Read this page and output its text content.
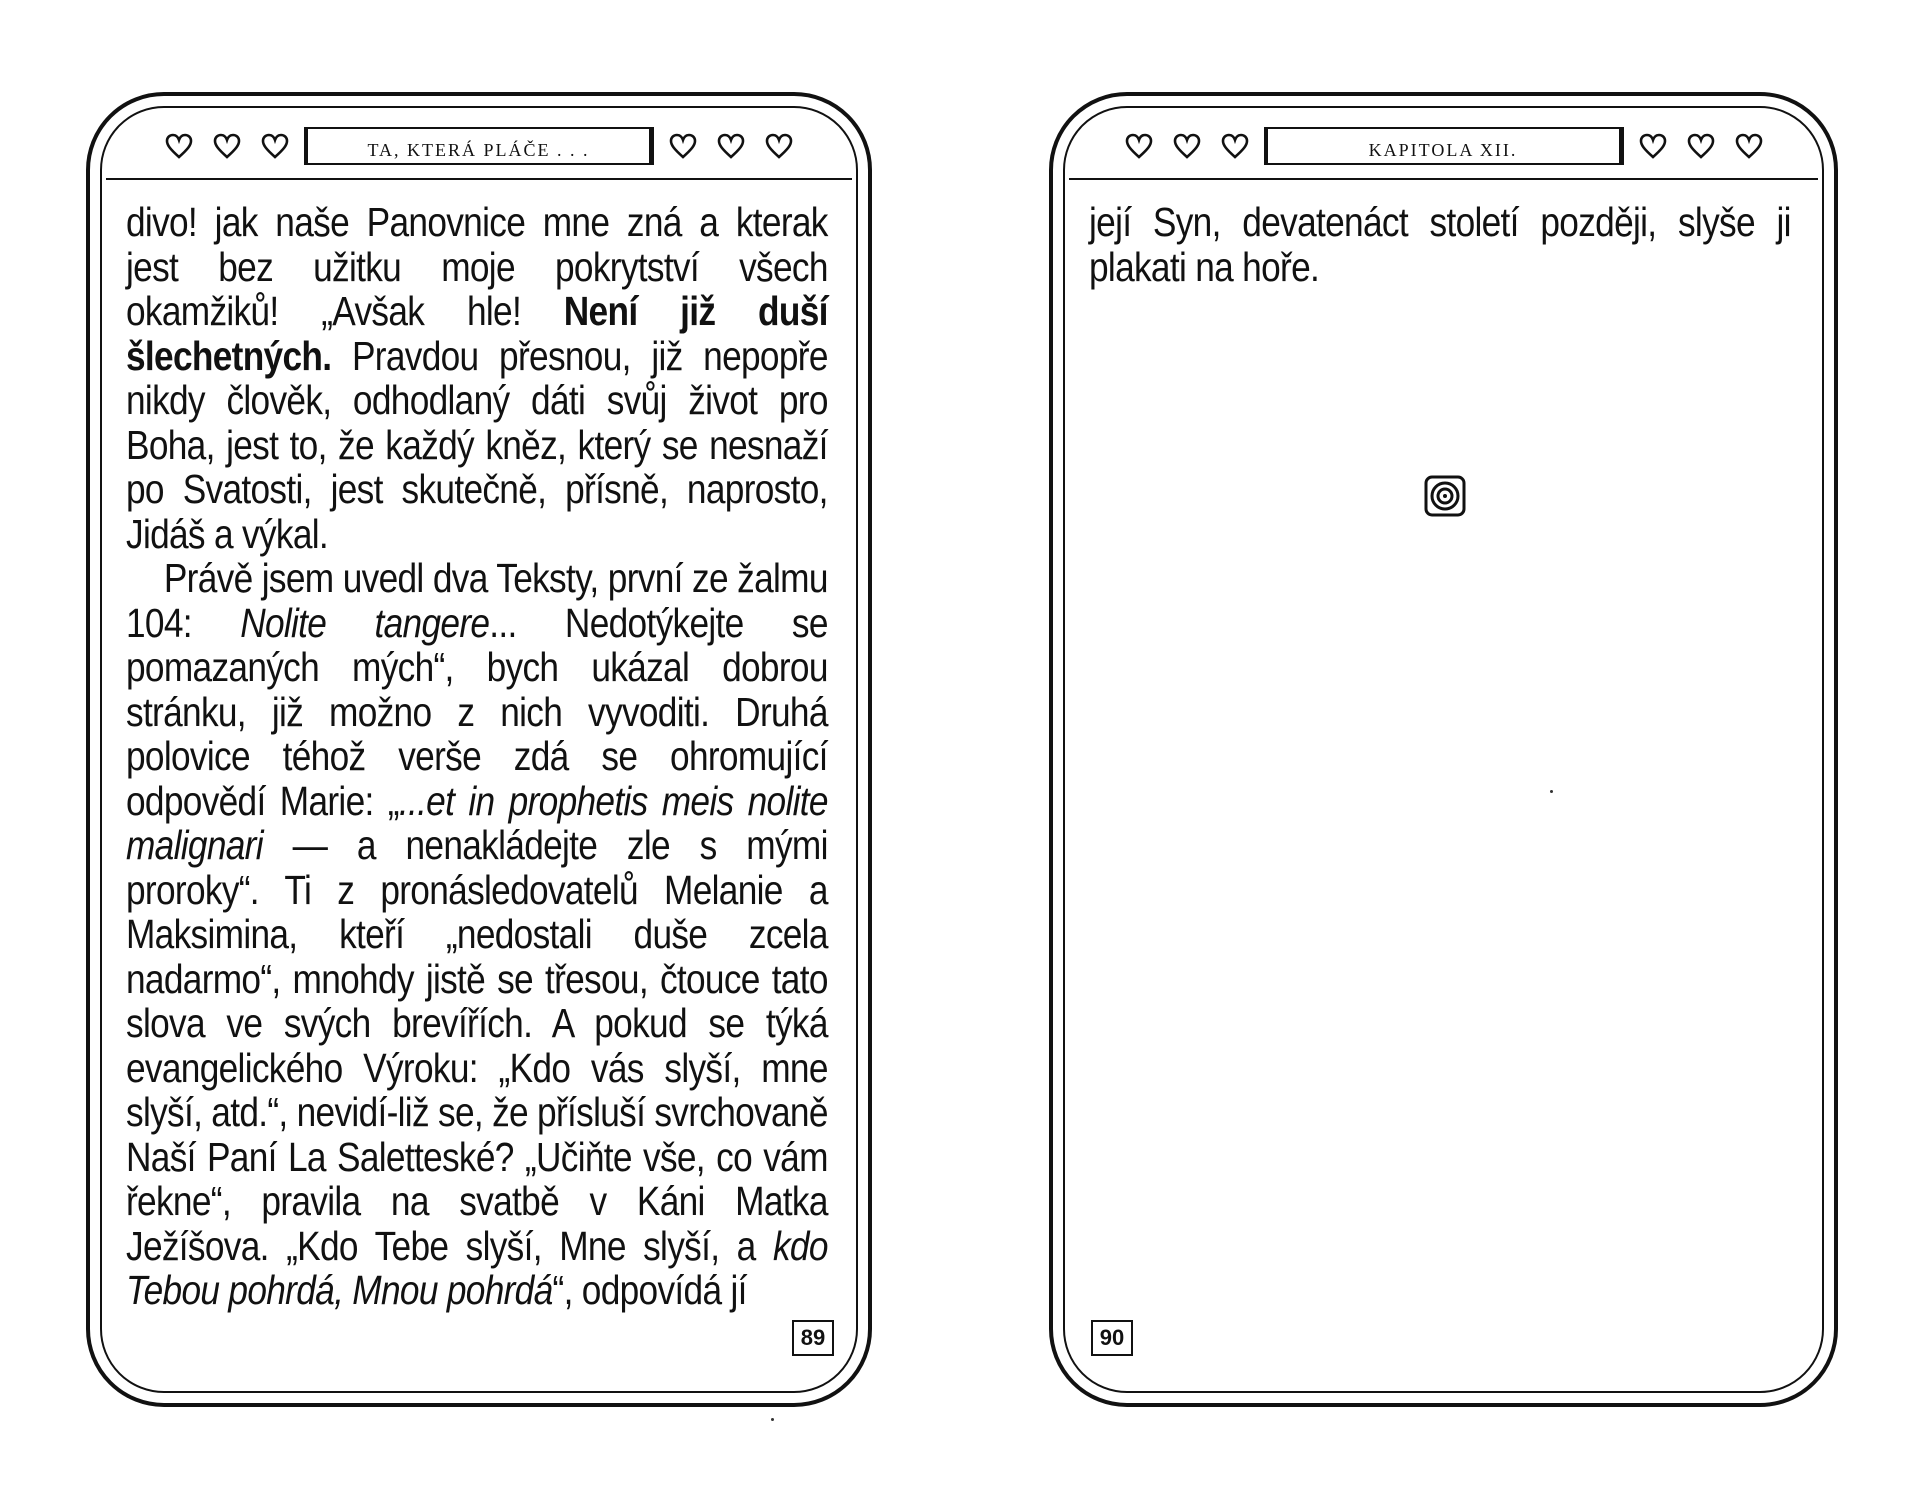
TA, KTERÁ PLÁČE . . .

divo! jak naše Panovnice mne zná a kterak jest bez užitku moje pokrytství všech okamžiků! „Avšak hle! Není již duší šlechetných. Pravdou přesnou, již nepopře nikdy člověk, odhodlaný dáti svůj život pro Boha, jest to, že každý kněz, který se nesnaží po Svatosti, jest skutečně, přísně, naprosto, Jidáš a výkal.

Právě jsem uvedl dva Teksty, první ze žalmu 104: Nolite tangere... Nedotýkejte se pomazaných mých“, bych ukázal dobrou stránku, již možno z nich vyvoditi. Druhá polovice téhož verše zdá se ohromující odpovědí Marie: „...et in prophetis meis nolite malignari — a nenakládejte zle s mými proroky“. Ti z pronásledovatelů Melanie a Maksimina, kteří „nedostali duše zcela nadarmo“, mnohdy jistě se třesou, čtouce tato slova ve svých brevířích. A pokud se týká evangelického Výroku: „Kdo vás slyší, mne slyší, atd.“, nevidí-liž se, že přísluší svrchovaně Naší Paní La Saletteské? „Učiňte vše, co vám řekne“, pravila na svatbě v Káni Matka Ježíšova. „Kdo Tebe slyší, Mne slyší, a kdo Tebou pohrdá, Mnou pohrdá“, odpovídá jí

89
KAPITOLA XII.

její Syn, devatenáct století později, slyše ji plakati na hoře.

90
